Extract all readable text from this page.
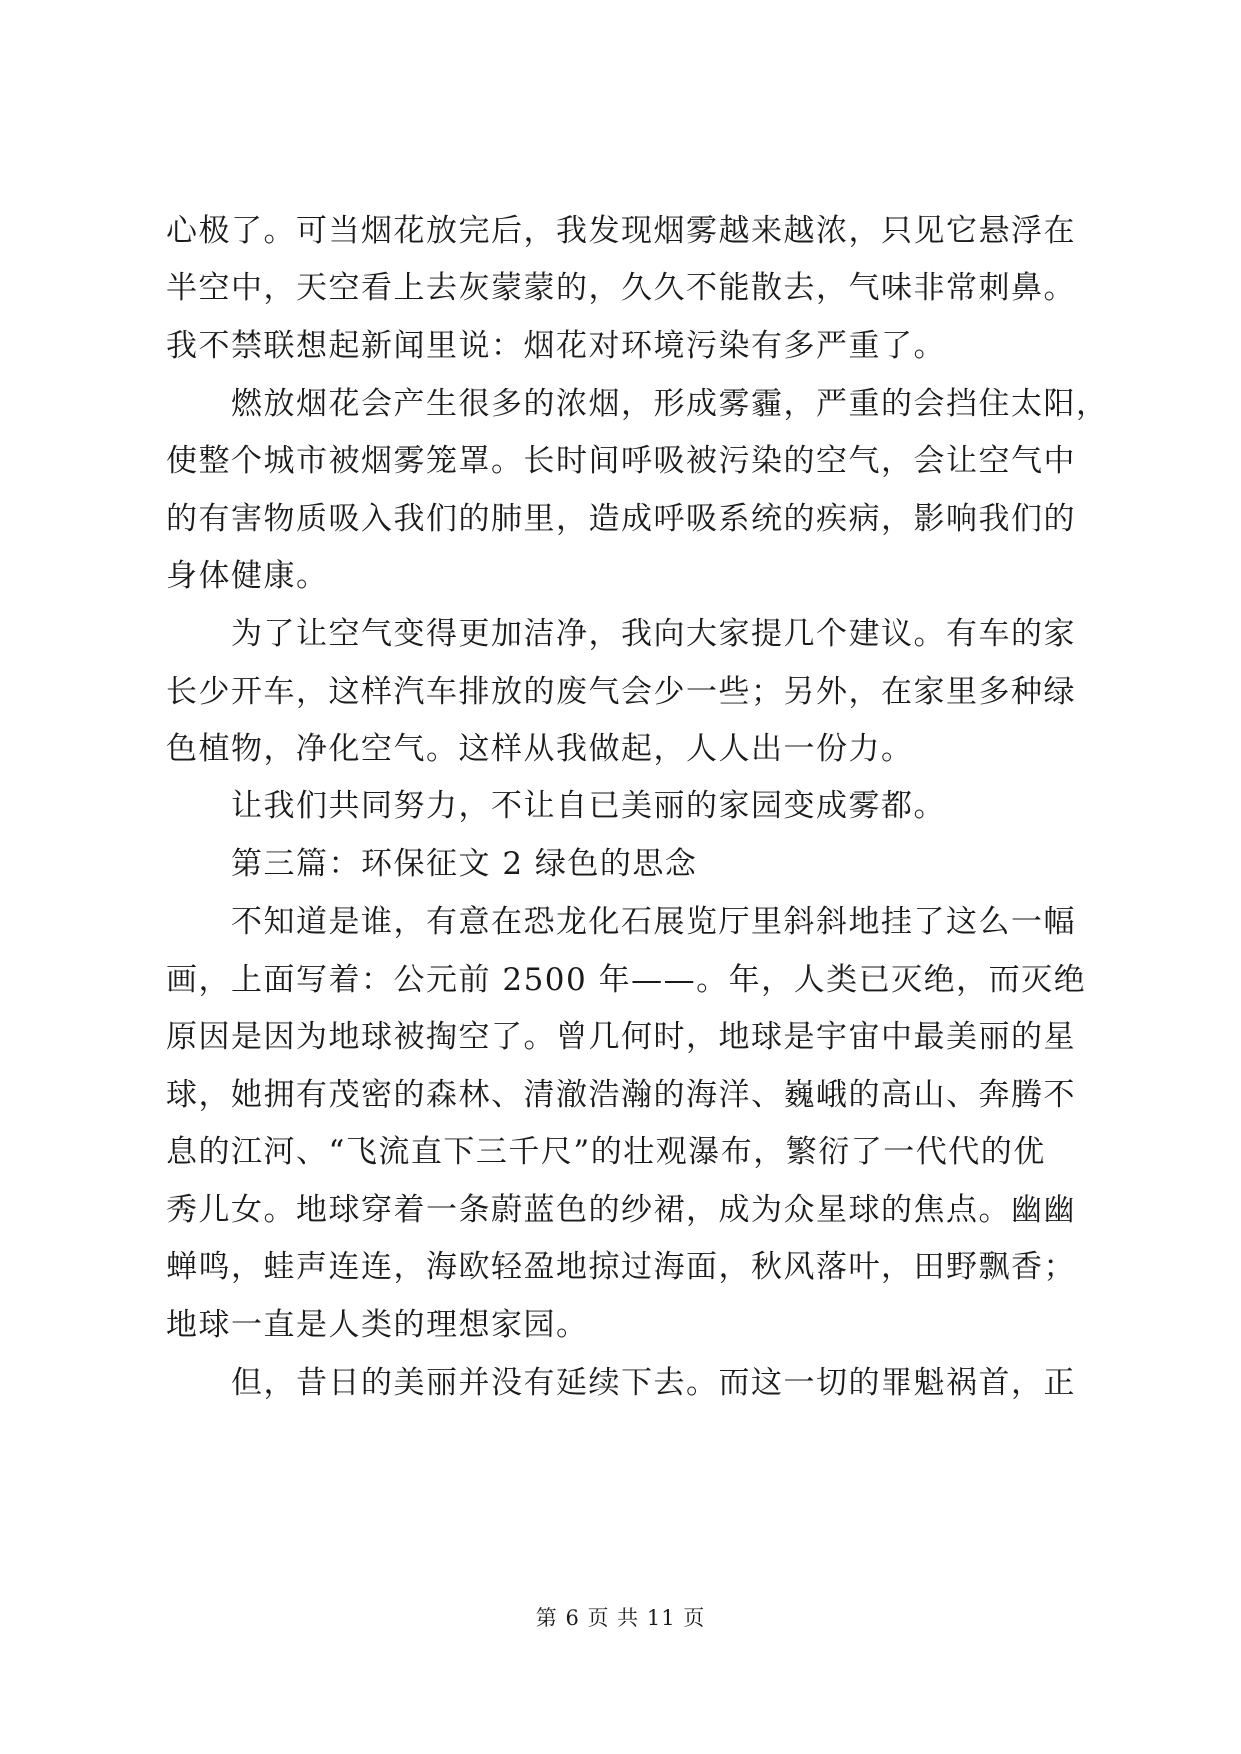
心极了。可当烟花放完后，我发现烟雾越来越浓，只见它悬浮在
半空中，天空看上去灰蒙蒙的，久久不能散去，气味非常刺鼻。
我不禁联想起新闻里说：烟花对环境污染有多严重了。
　　燃放烟花会产生很多的浓烟，形成雾霾，严重的会挡住太阳，
使整个城市被烟雾笼罩。长时间呼吸被污染的空气，会让空气中
的有害物质吸入我们的肺里，造成呼吸系统的疾病，影响我们的
身体健康。
　　为了让空气变得更加洁净，我向大家提几个建议。有车的家
长少开车，这样汽车排放的废气会少一些；另外，在家里多种绿
色植物，净化空气。这样从我做起，人人出一份力。
　　让我们共同努力，不让自已美丽的家园变成雾都。
　　第三篇：环保征文 2 绿色的思念
　　不知道是谁，有意在恐龙化石展览厅里斜斜地挂了这么一幅
画，上面写着：公元前 2500 年——。年，人类已灭绝，而灭绝
原因是因为地球被掏空了。曾几何时，地球是宇宙中最美丽的星
球，她拥有茂密的森林、清澈浩瀚的海洋、巍峨的高山、奔腾不
息的江河、“飞流直下三千尺”的壮观瀑布，繁衍了一代代的优
秀儿女。地球穿着一条蔚蓝色的纱裙，成为众星球的焦点。幽幽
蝉鸣，蛙声连连，海欧轻盈地掠过海面，秋风落叶，田野飘香；
地球一直是人类的理想家园。
　　但，昔日的美丽并没有延续下去。而这一切的罪魁祸首，正
第 6 页 共 11 页
